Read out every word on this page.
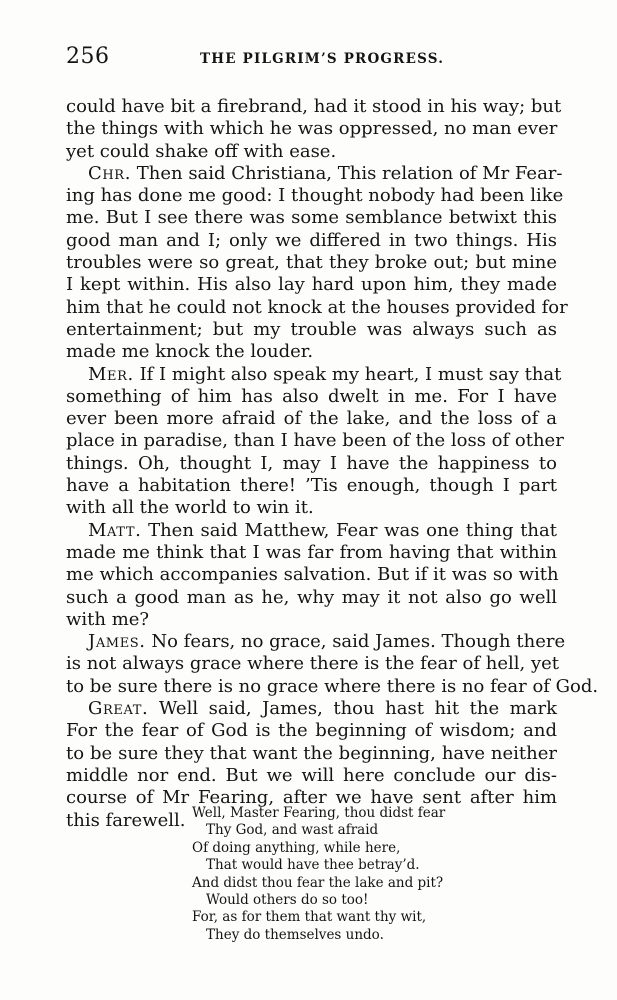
256	THE PILGRIM’S PROGRESS.
could have bit a firebrand, had it stood in his way; but
the things with which he was oppressed, no man ever
yet could shake off with ease.
Chr. Then said Christiana, This relation of Mr Fear-
ing has done me good: I thought nobody had been like
me. But I see there was some semblance betwixt this
good man and I; only we differed in two things. His
troubles were so great, that they broke out; but mine
I kept within. His also lay hard upon him, they made
him that he could not knock at the houses provided for
entertainment; but my trouble was always such as
made me knock the louder.
Mer. If I might also speak my heart, I must say that
something of him has also dwelt in me. For I have
ever been more afraid of the lake, and the loss of a
place in paradise, than I have been of the loss of other
things. Oh, thought I, may I have the happiness to
have a habitation there! ’Tis enough, though I part
with all the world to win it.
Matt. Then said Matthew, Fear was one thing that
made me think that I was far from having that within
me which accompanies salvation. But if it was so with
such a good man as he, why may it not also go well
with me?
James. No fears, no grace, said James. Though there
is not always grace where there is the fear of hell, yet
to be sure there is no grace where there is no fear of God.
Great. Well said, James, thou hast hit the mark
For the fear of God is the beginning of wisdom; and
to be sure they that want the beginning, have neither
middle nor end. But we will here conclude our dis-
course of Mr Fearing, after we have sent after him
this farewell. Well, Master Fearing, thou didst fear
Thy God, and wast afraid
Of doing anything, while here,
That would have thee betray’d.
And didst thou fear the lake and pit?
Would others do so too!
For, as for them that want thy wit,
They do themselves undo.
